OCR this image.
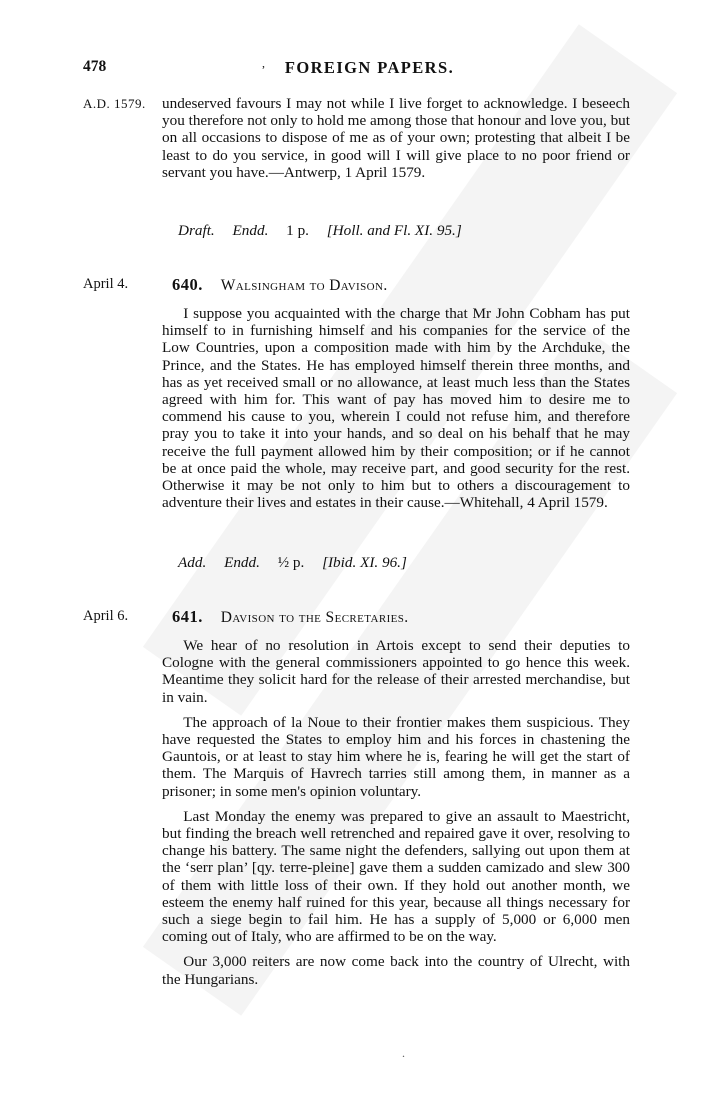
478	,	FOREIGN PAPERS.
A.D. 1579. undeserved favours I may not while I live forget to acknowledge. I beseech you therefore not only to hold me among those that honour and love you, but on all occasions to dispose of me as of your own; protesting that albeit I be least to do you service, in good will I will give place to no poor friend or servant you have.—Antwerp, 1 April 1579.

Draft. Endd. 1 p. [Holl. and Fl. XI. 95.]
April 4.	640. Walsingham to Davison.

I suppose you acquainted with the charge that Mr John Cobham has put himself to in furnishing himself and his companies for the service of the Low Countries, upon a composition made with him by the Archduke, the Prince, and the States. He has employed himself therein three months, and has as yet received small or no allowance, at least much less than the States agreed with him for. This want of pay has moved him to desire me to commend his cause to you, wherein I could not refuse him, and therefore pray you to take it into your hands, and so deal on his behalf that he may receive the full payment allowed him by their composition; or if he cannot be at once paid the whole, may receive part, and good security for the rest. Otherwise it may be not only to him but to others a discouragement to adventure their lives and estates in their cause.—Whitehall, 4 April 1579.

Add. Endd. ½ p. [Ibid. XI. 96.]
April 6.	641. Davison to the Secretaries.

We hear of no resolution in Artois except to send their deputies to Cologne with the general commissioners appointed to go hence this week. Meantime they solicit hard for the release of their arrested merchandise, but in vain.

The approach of la Noue to their frontier makes them suspicious. They have requested the States to employ him and his forces in chastening the Gauntois, or at least to stay him where he is, fearing he will get the start of them. The Marquis of Havrech tarries still among them, in manner as a prisoner; in some men's opinion voluntary.

Last Monday the enemy was prepared to give an assault to Maestricht, but finding the breach well retrenched and repaired gave it over, resolving to change his battery. The same night the defenders, sallying out upon them at the ‘serr plan’ [qy. terre-pleine] gave them a sudden camizado and slew 300 of them with little loss of their own. If they hold out another month, we esteem the enemy half ruined for this year, because all things necessary for such a siege begin to fail him. He has a supply of 5,000 or 6,000 men coming out of Italy, who are affirmed to be on the way.

Our 3,000 reiters are now come back into the country of Ulrecht, with the Hungarians.

.
